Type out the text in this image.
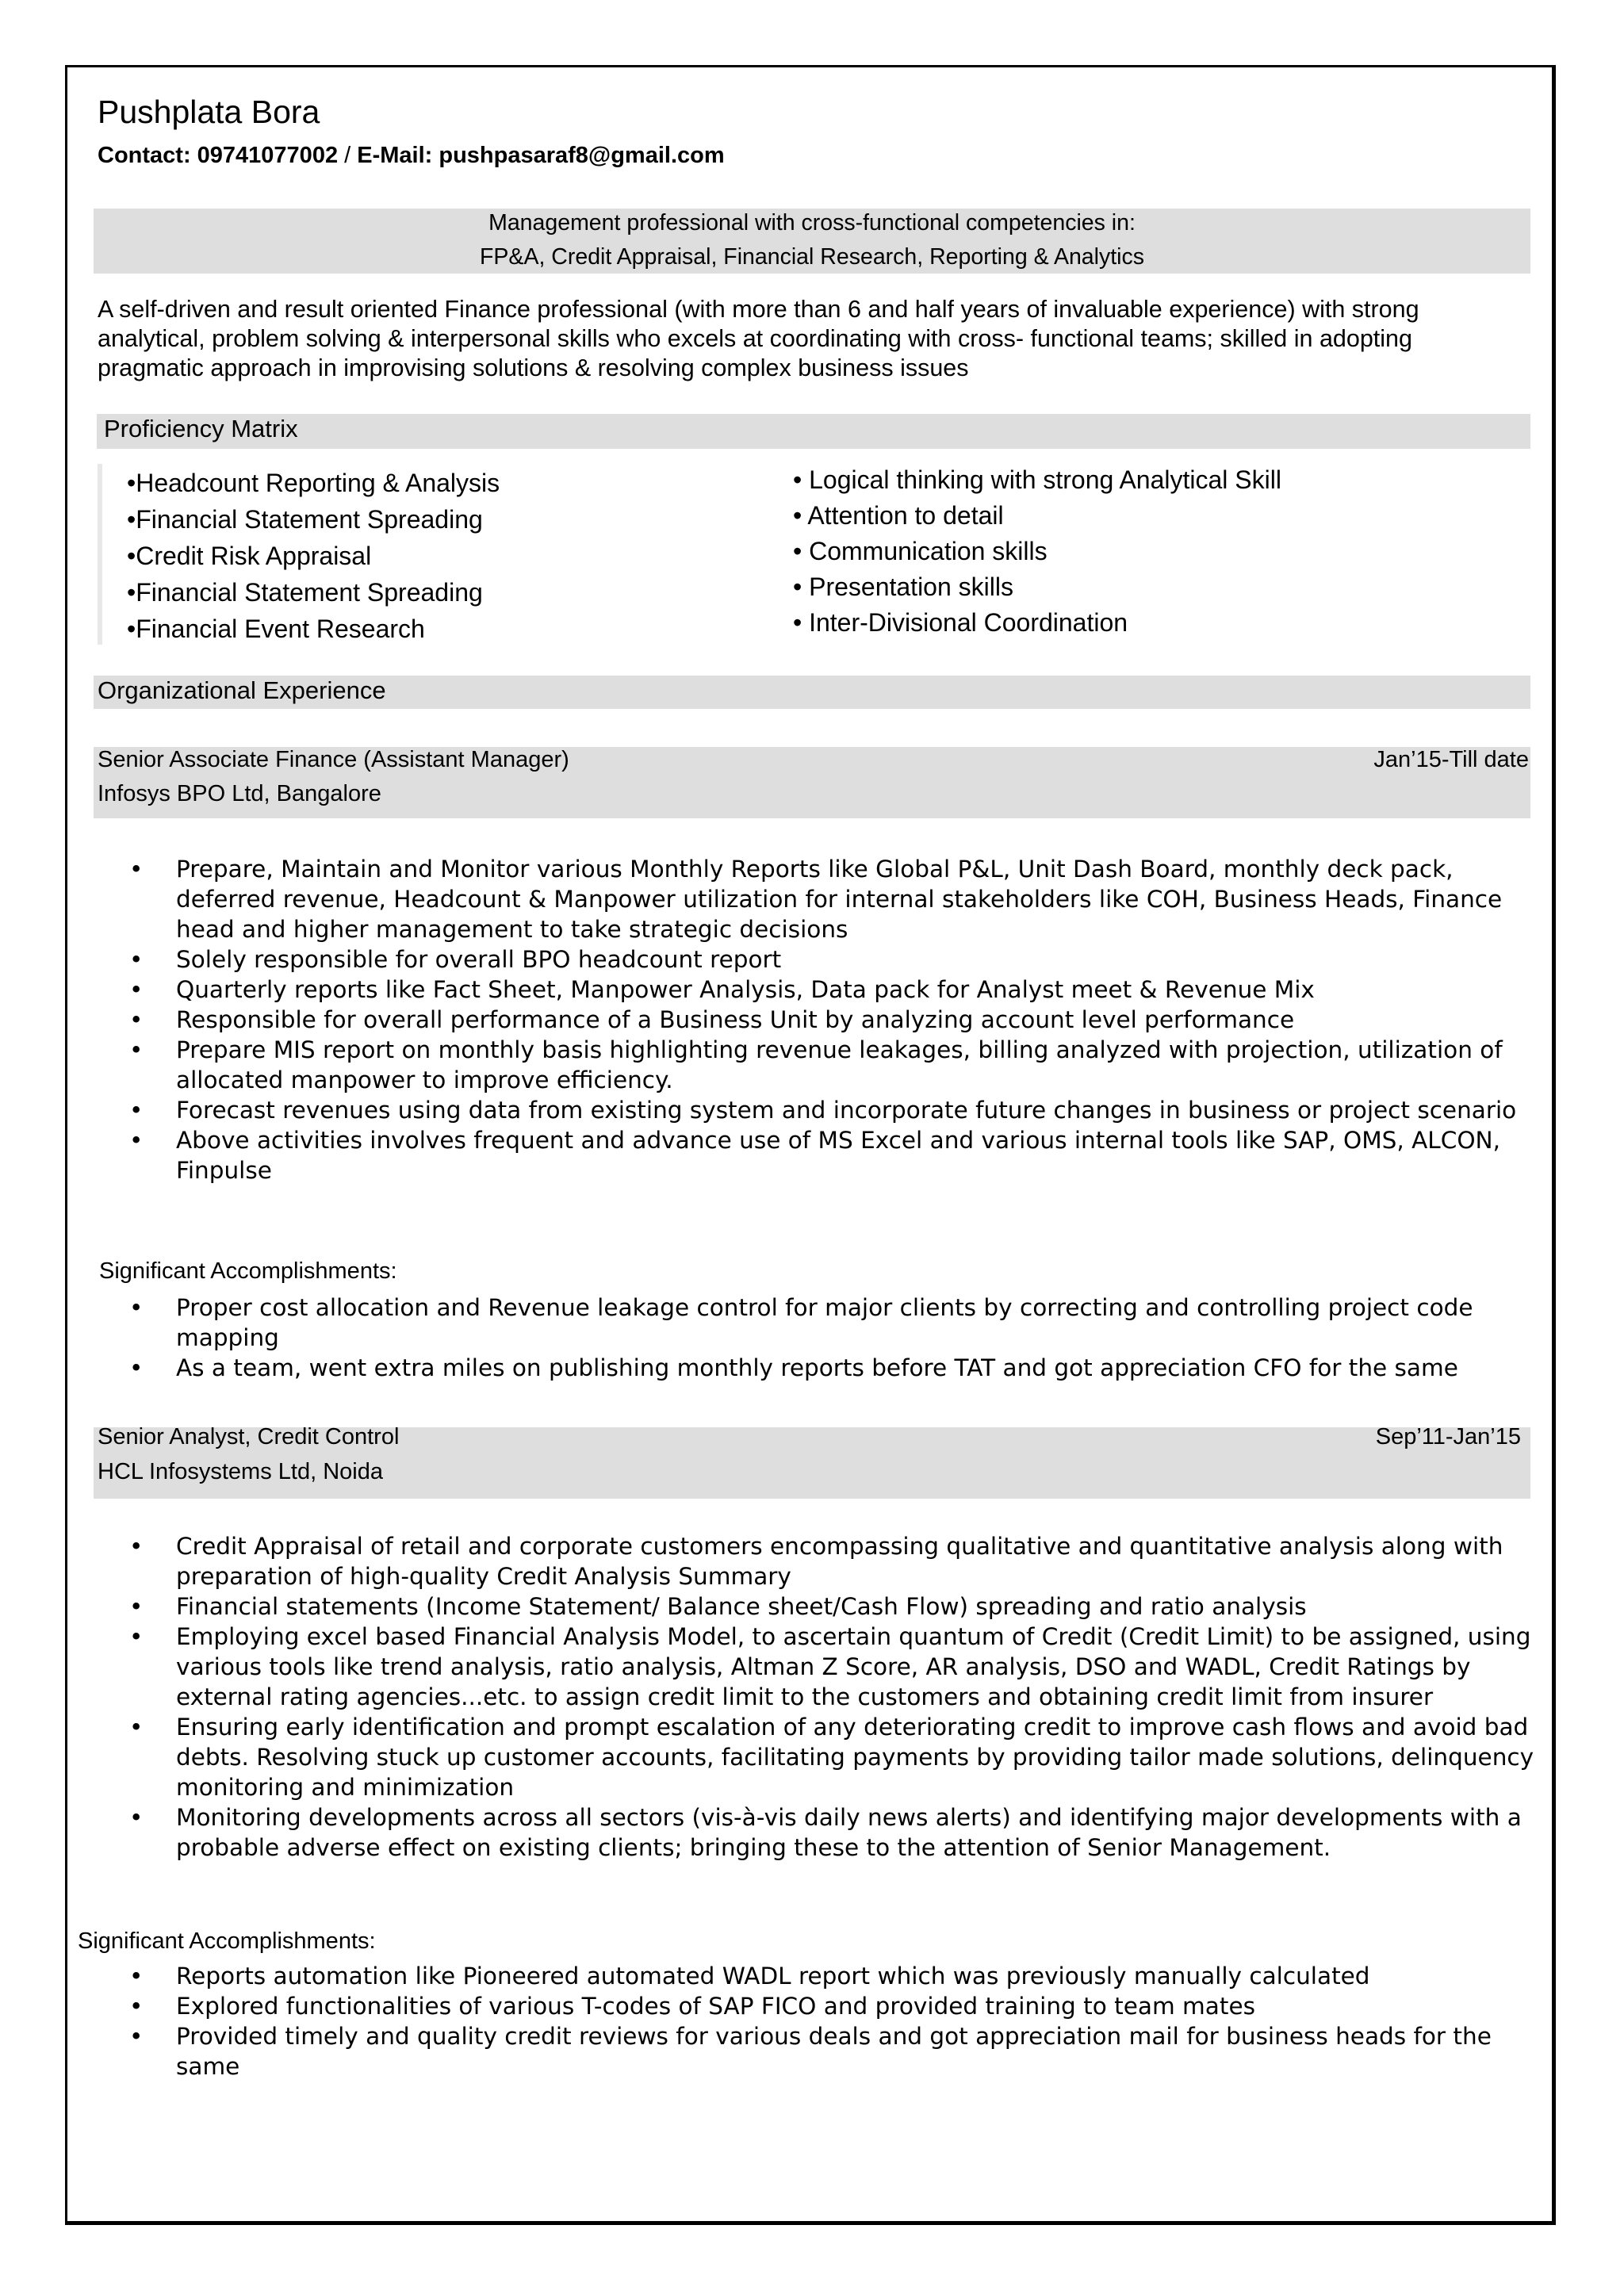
Pushplata Bora
Contact: 09741077002 / E-Mail: pushpasaraf8@gmail.com
Management professional with cross-functional competencies in:
FP&A, Credit Appraisal, Financial Research, Reporting & Analytics
A self-driven and result oriented Finance professional (with more than 6 and half years of invaluable experience) with strong analytical, problem solving & interpersonal skills who excels at coordinating with cross- functional teams; skilled in adopting pragmatic approach in improvising solutions & resolving complex business issues
Proficiency Matrix
•Headcount Reporting & Analysis
•Financial Statement Spreading
•Credit Risk Appraisal
•Financial Statement Spreading
•Financial Event Research
• Logical thinking with strong Analytical Skill
• Attention to detail
• Communication skills
• Presentation skills
• Inter-Divisional Coordination
Organizational Experience
Senior Associate Finance (Assistant Manager)
Infosys BPO Ltd, Bangalore
Jan’15-Till date
• Prepare, Maintain and Monitor various Monthly Reports like Global P&L, Unit Dash Board, monthly deck pack, deferred revenue, Headcount & Manpower utilization for internal stakeholders like COH, Business Heads, Finance head and higher management to take strategic decisions
• Solely responsible for overall BPO headcount report
• Quarterly reports like Fact Sheet, Manpower Analysis, Data pack for Analyst meet & Revenue Mix
• Responsible for overall performance of a Business Unit by analyzing account level performance
• Prepare MIS report on monthly basis highlighting revenue leakages, billing analyzed with projection, utilization of allocated manpower to improve efficiency.
• Forecast revenues using data from existing system and incorporate future changes in business or project scenario
• Above activities involves frequent and advance use of MS Excel and various internal tools like SAP, OMS, ALCON, Finpulse
Significant Accomplishments:
• Proper cost allocation and Revenue leakage control for major clients by correcting and controlling project code mapping
• As a team, went extra miles on publishing monthly reports before TAT and got appreciation CFO for the same
Senior Analyst, Credit Control
HCL Infosystems Ltd, Noida
Sep’11-Jan’15
• Credit Appraisal of retail and corporate customers encompassing qualitative and quantitative analysis along with preparation of high-quality Credit Analysis Summary
• Financial statements (Income Statement/ Balance sheet/Cash Flow) spreading and ratio analysis
• Employing excel based Financial Analysis Model, to ascertain quantum of Credit (Credit Limit) to be assigned, using various tools like trend analysis, ratio analysis, Altman Z Score, AR analysis, DSO and WADL, Credit Ratings by external rating agencies...etc. to assign credit limit to the customers and obtaining credit limit from insurer
• Ensuring early identification and prompt escalation of any deteriorating credit to improve cash flows and avoid bad debts. Resolving stuck up customer accounts, facilitating payments by providing tailor made solutions, delinquency monitoring and minimization
• Monitoring developments across all sectors (vis-à-vis daily news alerts) and identifying major developments with a probable adverse effect on existing clients; bringing these to the attention of Senior Management.
Significant Accomplishments:
• Reports automation like Pioneered automated WADL report which was previously manually calculated
• Explored functionalities of various T-codes of SAP FICO and provided training to team mates
• Provided timely and quality credit reviews for various deals and got appreciation mail for business heads for the same
